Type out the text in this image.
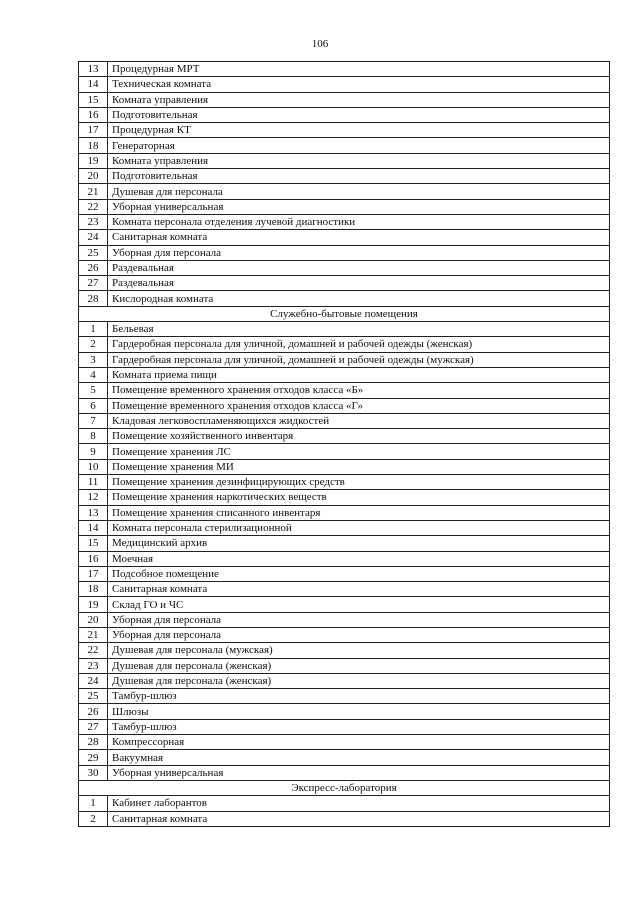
106
13	Процедурная МРТ
14	Техническая комната
15	Комната управления
16	Подготовительная
17	Процедурная КТ
18	Генераторная
19	Комната управления
20	Подготовительная
21	Душевая для персонала
22	Уборная универсальная
23	Комната персонала отделения лучевой диагностики
24	Санитарная комната
25	Уборная для персонала
26	Раздевальная
27	Раздевальная
28	Кислородная комната
Служебно-бытовые помещения	
1	Бельевая
2	Гардеробная персонала для уличной, домашней и рабочей одежды (женская)
3	Гардеробная персонала для уличной, домашней и рабочей одежды (мужская)
4	Комната приема пищи
5	Помещение временного хранения отходов класса «Б»
6	Помещение временного хранения отходов класса «Г»
7	Кладовая легковоспламеняющихся жидкостей
8	Помещение хозяйственного инвентаря
9	Помещение хранения ЛС
10	Помещение хранения МИ
11	Помещение хранения дезинфицирующих средств
12	Помещение хранения наркотических веществ
13	Помещение хранения списанного инвентаря
14	Комната персонала стерилизационной
15	Медицинский архив
16	Моечная
17	Подсобное помещение
18	Санитарная комната
19	Склад ГО и ЧС
20	Уборная для персонала
21	Уборная для персонала
22	Душевая для персонала (мужская)
23	Душевая для персонала (женская)
24	Душевая для персонала (женская)
25	Тамбур-шлюз
26	Шлюзы
27	Тамбур-шлюз
28	Компрессорная
29	Вакуумная
30	Уборная универсальная
Экспресс-лаборатория	
1	Кабинет лаборантов
2	Санитарная комната
